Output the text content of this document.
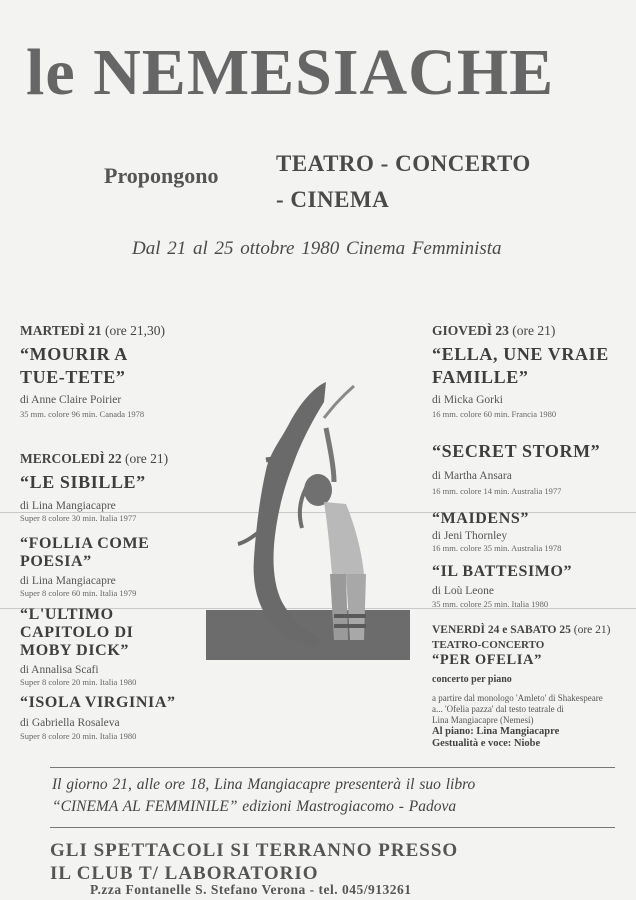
le NEMESIACHE
Propongono TEATRO - CONCERTO
- CINEMA
Dal 21 al 25 ottobre 1980 Cinema Femminista
MARTEDÌ 21 (ore 21,30)
“MOURIR A
TUE-TETE”
di Anne Claire Poirier
35 mm. colore 96 min. Canada 1978
MERCOLEDÌ 22 (ore 21)
“LE SIBILLE”
di Lina Mangiacapre
Super 8 colore 30 min. Italia 1977
“FOLLIA COME
POESIA”
di Lina Mangiacapre
Super 8 colore 60 min. Italia 1979
“L'ULTIMO
CAPITOLO DI
MOBY DICK”
di Annalisa Scafi
Super 8 colore 20 min. Italia 1980
“ISOLA VIRGINIA”
di Gabriella Rosaleva
Super 8 colore 20 min. Italia 1980
GIOVEDÌ 23 (ore 21)
“ELLA, UNE VRAIE
FAMILLE”
di Micka Gorki
16 mm. colore 60 min. Francia 1980
“SECRET STORM”
di Martha Ansara
16 mm. colore 14 min. Australia 1977
“MAIDENS”
di Jeni Thornley
16 mm. colore 35 min. Australia 1978
“IL BATTESIMO”
di Loù Leone
35 mm. colore 25 min. Italia 1980
VENERDÌ 24 e SABATO 25 (ore 21)
TEATRO-CONCERTO
“PER OFELIA”
concerto per piano
a partire dal monologo 'Amleto' di Shakespeare
a... 'Ofelia pazza' dal testo teatrale di
Lina Mangiacapre (Nemesi)
Al piano: Lina Mangiacapre
Gestualità e voce: Niobe
Il giorno 21, alle ore 18, Lina Mangiacapre presenterà il suo libro
“CINEMA AL FEMMINILE” edizioni Mastrogiacomo - Padova
GLI SPETTACOLI SI TERRANNO PRESSO
IL CLUB T/ LABORATORIO
P.zza Fontanelle S. Stefano Verona - tel. 045/913261
